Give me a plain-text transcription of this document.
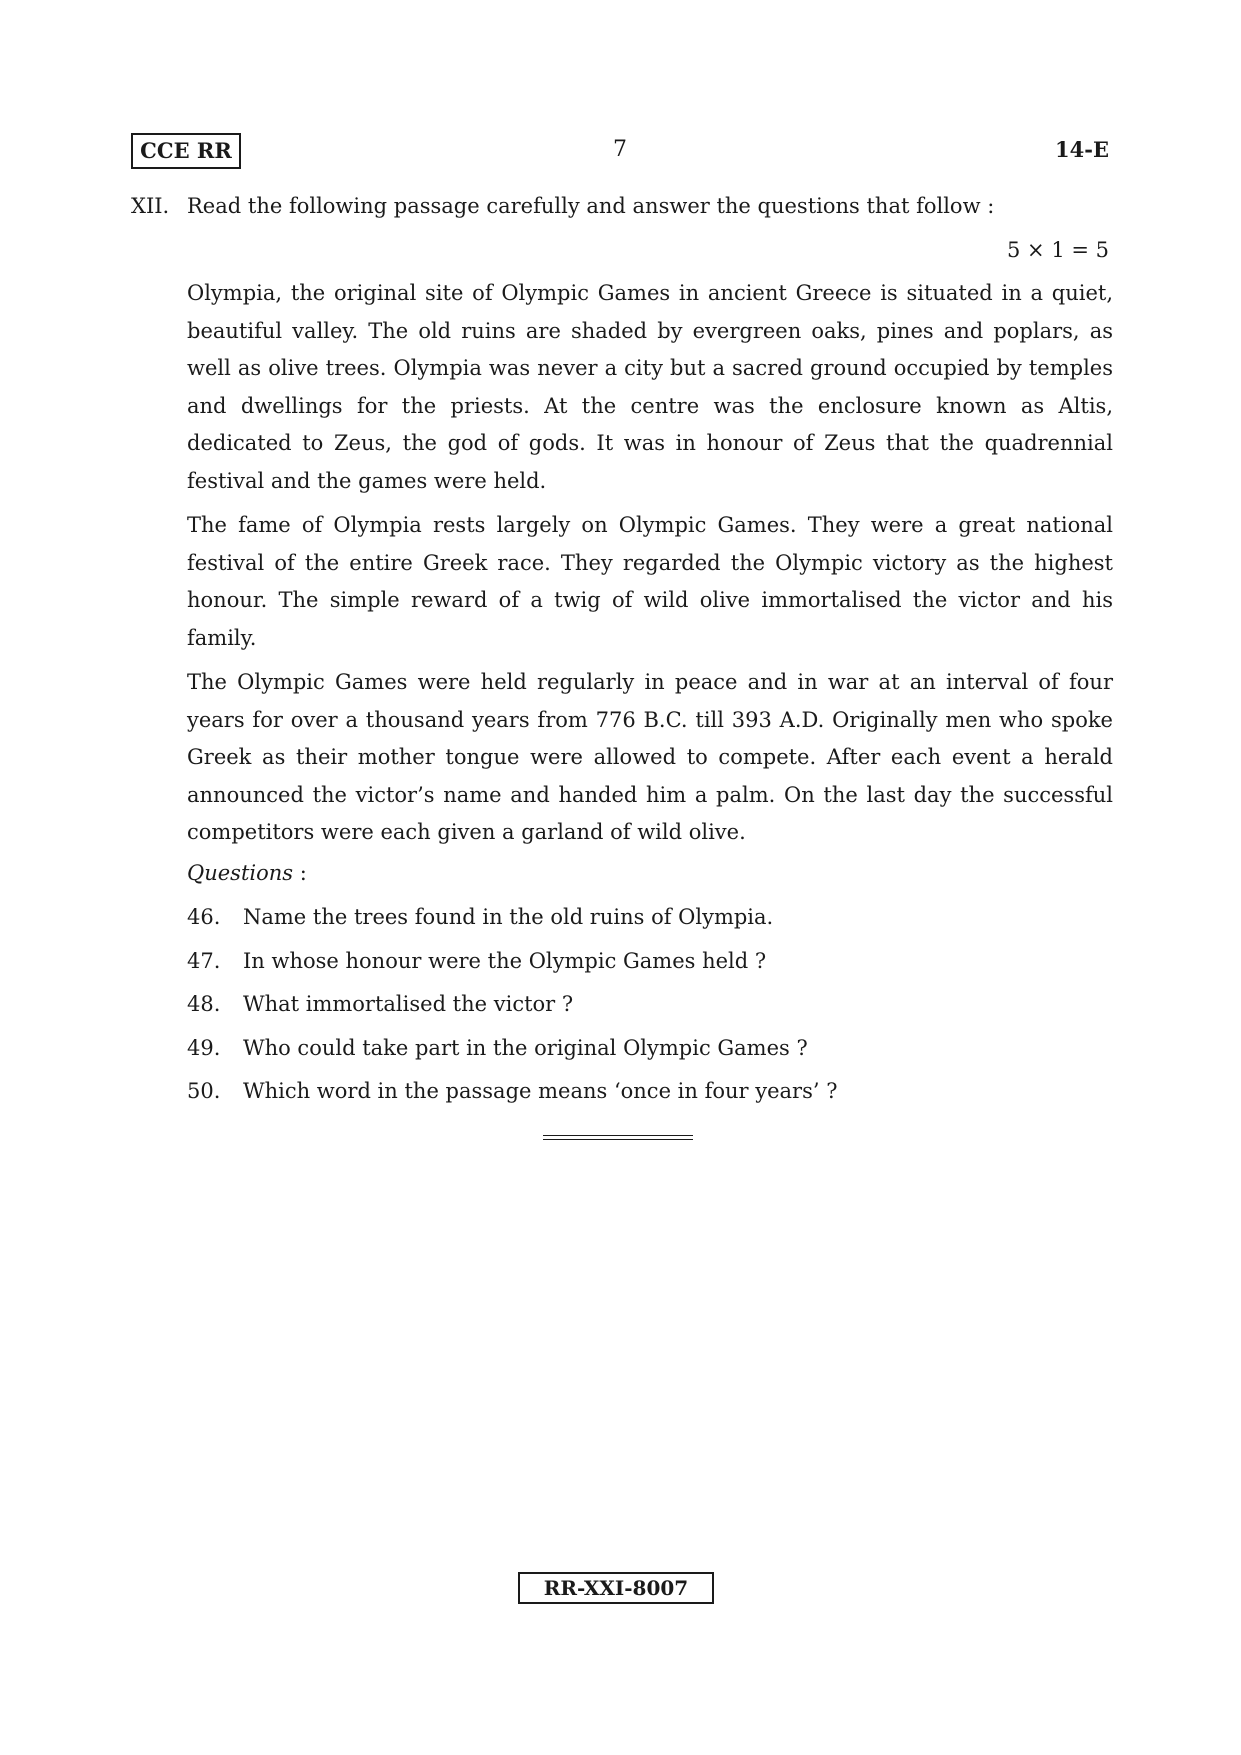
CCE RR	7	14-E
XII. Read the following passage carefully and answer the questions that follow :
5 × 1 = 5

Olympia, the original site of Olympic Games in ancient Greece is situated in a quiet, beautiful valley. The old ruins are shaded by evergreen oaks, pines and poplars, as well as olive trees. Olympia was never a city but a sacred ground occupied by temples and dwellings for the priests. At the centre was the enclosure known as Altis, dedicated to Zeus, the god of gods. It was in honour of Zeus that the quadrennial festival and the games were held.

The fame of Olympia rests largely on Olympic Games. They were a great national festival of the entire Greek race. They regarded the Olympic victory as the highest honour. The simple reward of a twig of wild olive immortalised the victor and his family.

The Olympic Games were held regularly in peace and in war at an interval of four years for over a thousand years from 776 B.C. till 393 A.D. Originally men who spoke Greek as their mother tongue were allowed to compete. After each event a herald announced the victor’s name and handed him a palm. On the last day the successful competitors were each given a garland of wild olive.

Questions :
46.	Name the trees found in the old ruins of Olympia.
47.	In whose honour were the Olympic Games held ?
48.	What immortalised the victor ?
49.	Who could take part in the original Olympic Games ?
50.	Which word in the passage means ‘once in four years’ ?
RR-XXI-8007
